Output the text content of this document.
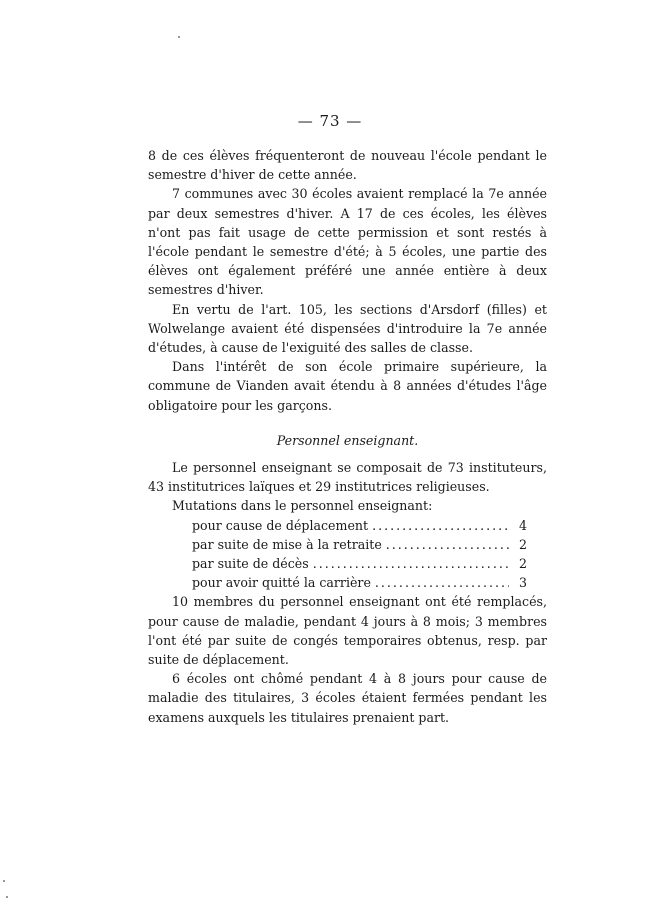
— 73 —

8 de ces élèves fréquenteront de nouveau l'école pendant le semestre d'hiver de cette année.

7 communes avec 30 écoles avaient remplacé la 7e année par deux semestres d'hiver. A 17 de ces écoles, les élèves n'ont pas fait usage de cette permission et sont restés à l'école pendant le semestre d'été; à 5 écoles, une partie des élèves ont également préféré une année entière à deux semestres d'hiver.

En vertu de l'art. 105, les sections d'Arsdorf (filles) et Wolwelange avaient été dispensées d'introduire la 7e année d'études, à cause de l'exiguité des salles de classe.

Dans l'intérêt de son école primaire supérieure, la commune de Vianden avait étendu à 8 années d'études l'âge obligatoire pour les garçons.

Personnel enseignant.

Le personnel enseignant se composait de 73 instituteurs, 43 institutrices laïques et 29 institutrices religieuses.

Mutations dans le personnel enseignant:

pour cause de déplacement .....	4
par suite de mise à la retraite .....	2
par suite de décès .....	2
pour avoir quitté la carrière .....	3

10 membres du personnel enseignant ont été remplacés, pour cause de maladie, pendant 4 jours à 8 mois; 3 membres l'ont été par suite de congés temporaires obtenus, resp. par suite de déplacement.

6 écoles ont chômé pendant 4 à 8 jours pour cause de maladie des titulaires, 3 écoles étaient fermées pendant les examens auxquels les titulaires prenaient part.
